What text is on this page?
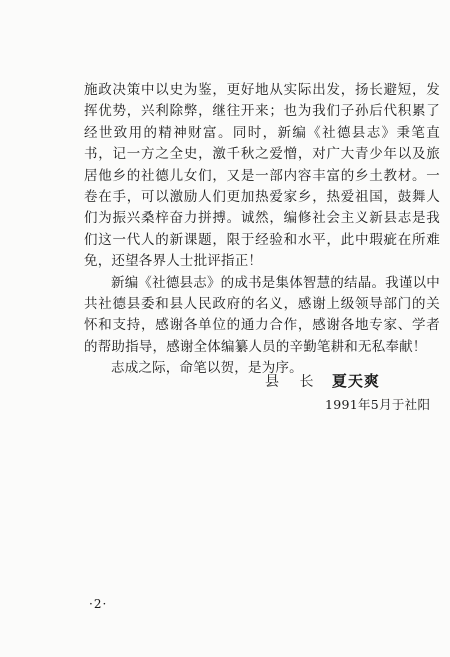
施政决策中以史为鉴，更好地从实际出发，扬长避短，发挥优势，兴利除弊，继往开来；也为我们子孙后代积累了经世致用的精神财富。同时，新编《社德县志》秉笔直书，记一方之全史，激千秋之爱憎，对广大青少年以及旅居他乡的社德儿女们，又是一部内容丰富的乡土教材。一卷在手，可以激励人们更加热爱家乡，热爱祖国，鼓舞人们为振兴桑梓奋力拼搏。诚然，编修社会主义新县志是我们这一代人的新课题，限于经验和水平，此中瑕疵在所难免，还望各界人士批评指正！

新编《社德县志》的成书是集体智慧的结晶。我谨以中共社德县委和县人民政府的名义，感谢上级领导部门的关怀和支持，感谢各单位的通力合作，感谢各地专家、学者的帮助指导，感谢全体编纂人员的辛勤笔耕和无私奉献！

志成之际，命笔以贺，是为序。

县 长 夏天爽
1991年5月于社阳
·2·
